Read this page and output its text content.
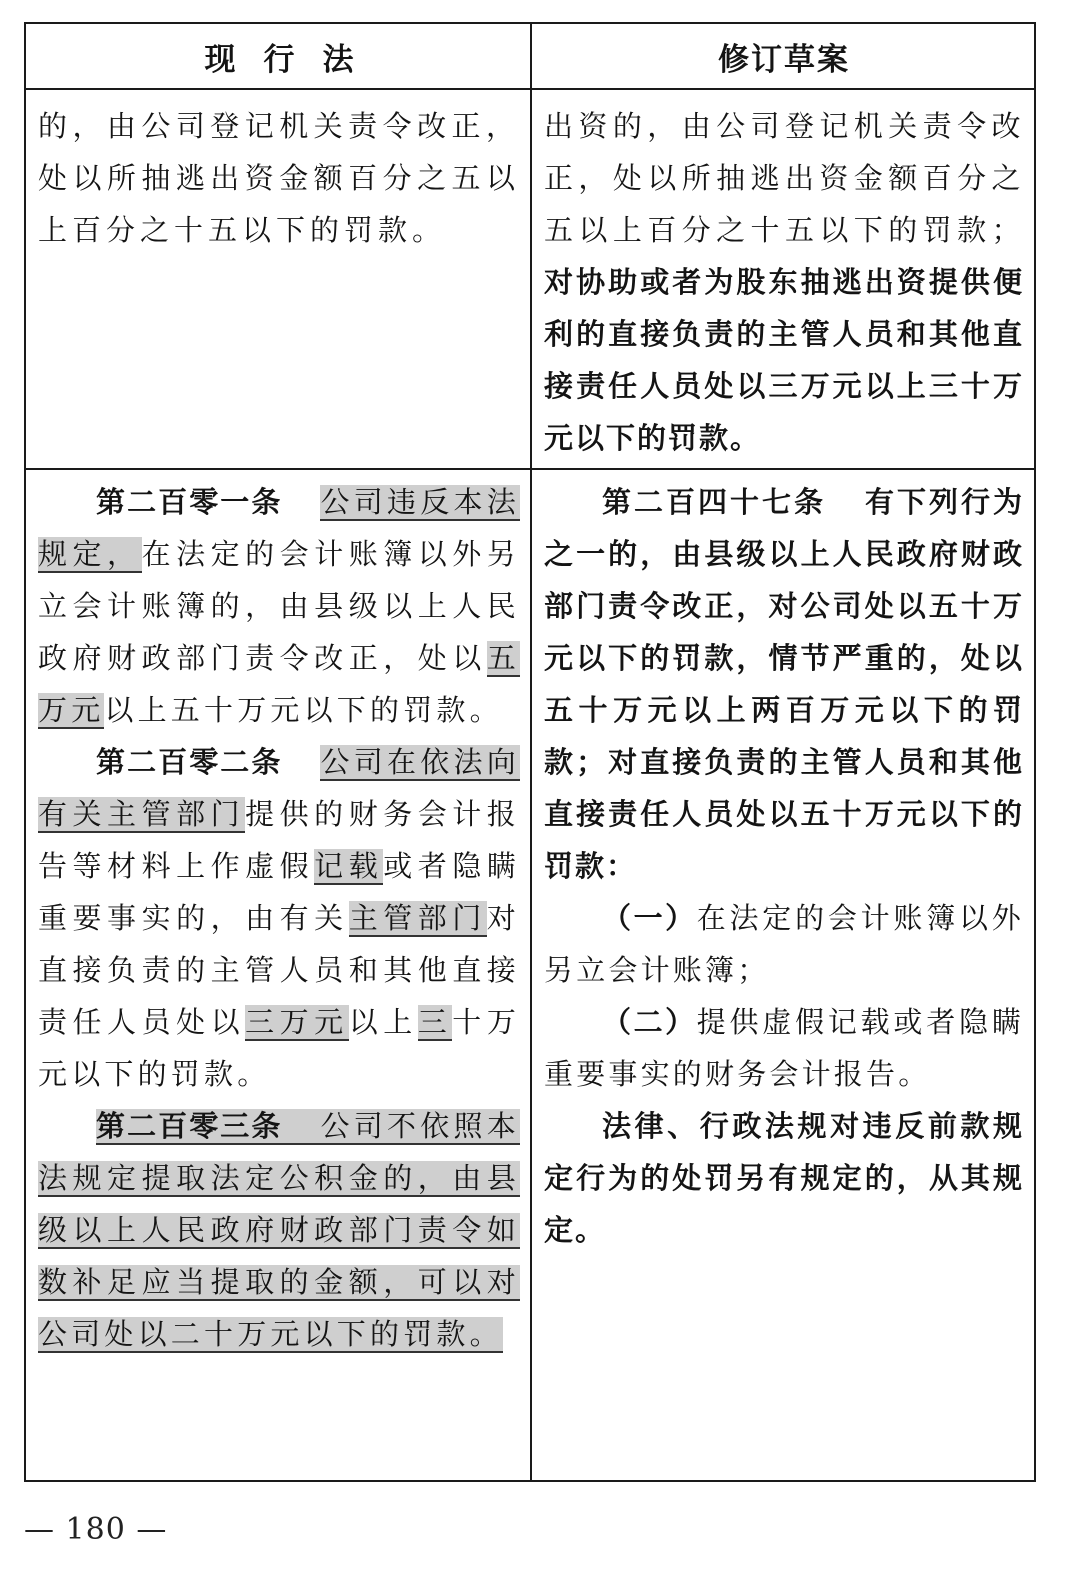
现行法	修订草案

的，由公司登记机关责令改正，处以所抽逃出资金额百分之五以上百分之十五以下的罚款。

出资的，由公司登记机关责令改正，处以所抽逃出资金额百分之五以上百分之十五以下的罚款；对协助或者为股东抽逃出资提供便利的直接负责的主管人员和其他直接责任人员处以三万元以上三十万元以下的罚款。

第二百零一条 公司违反本法规定，在法定的会计账簿以外另立会计账簿的，由县级以上人民政府财政部门责令改正，处以五万元以上五十万元以下的罚款。

第二百零二条 公司在依法向有关主管部门提供的财务会计报告等材料上作虚假记载或者隐瞒重要事实的，由有关主管部门对直接负责的主管人员和其他直接责任人员处以三万元以上三十万元以下的罚款。

第二百零三条 公司不依照本法规定提取法定公积金的，由县级以上人民政府财政部门责令如数补足应当提取的金额，可以对公司处以二十万元以下的罚款。

第二百四十七条 有下列行为之一的，由县级以上人民政府财政部门责令改正，对公司处以五十万元以下的罚款，情节严重的，处以五十万元以上两百万元以下的罚款；对直接负责的主管人员和其他直接责任人员处以五十万元以下的罚款：

（一）在法定的会计账簿以外另立会计账簿；

（二）提供虚假记载或者隐瞒重要事实的财务会计报告。

法律、行政法规对违反前款规定行为的处罚另有规定的，从其规定。

— 180 —
